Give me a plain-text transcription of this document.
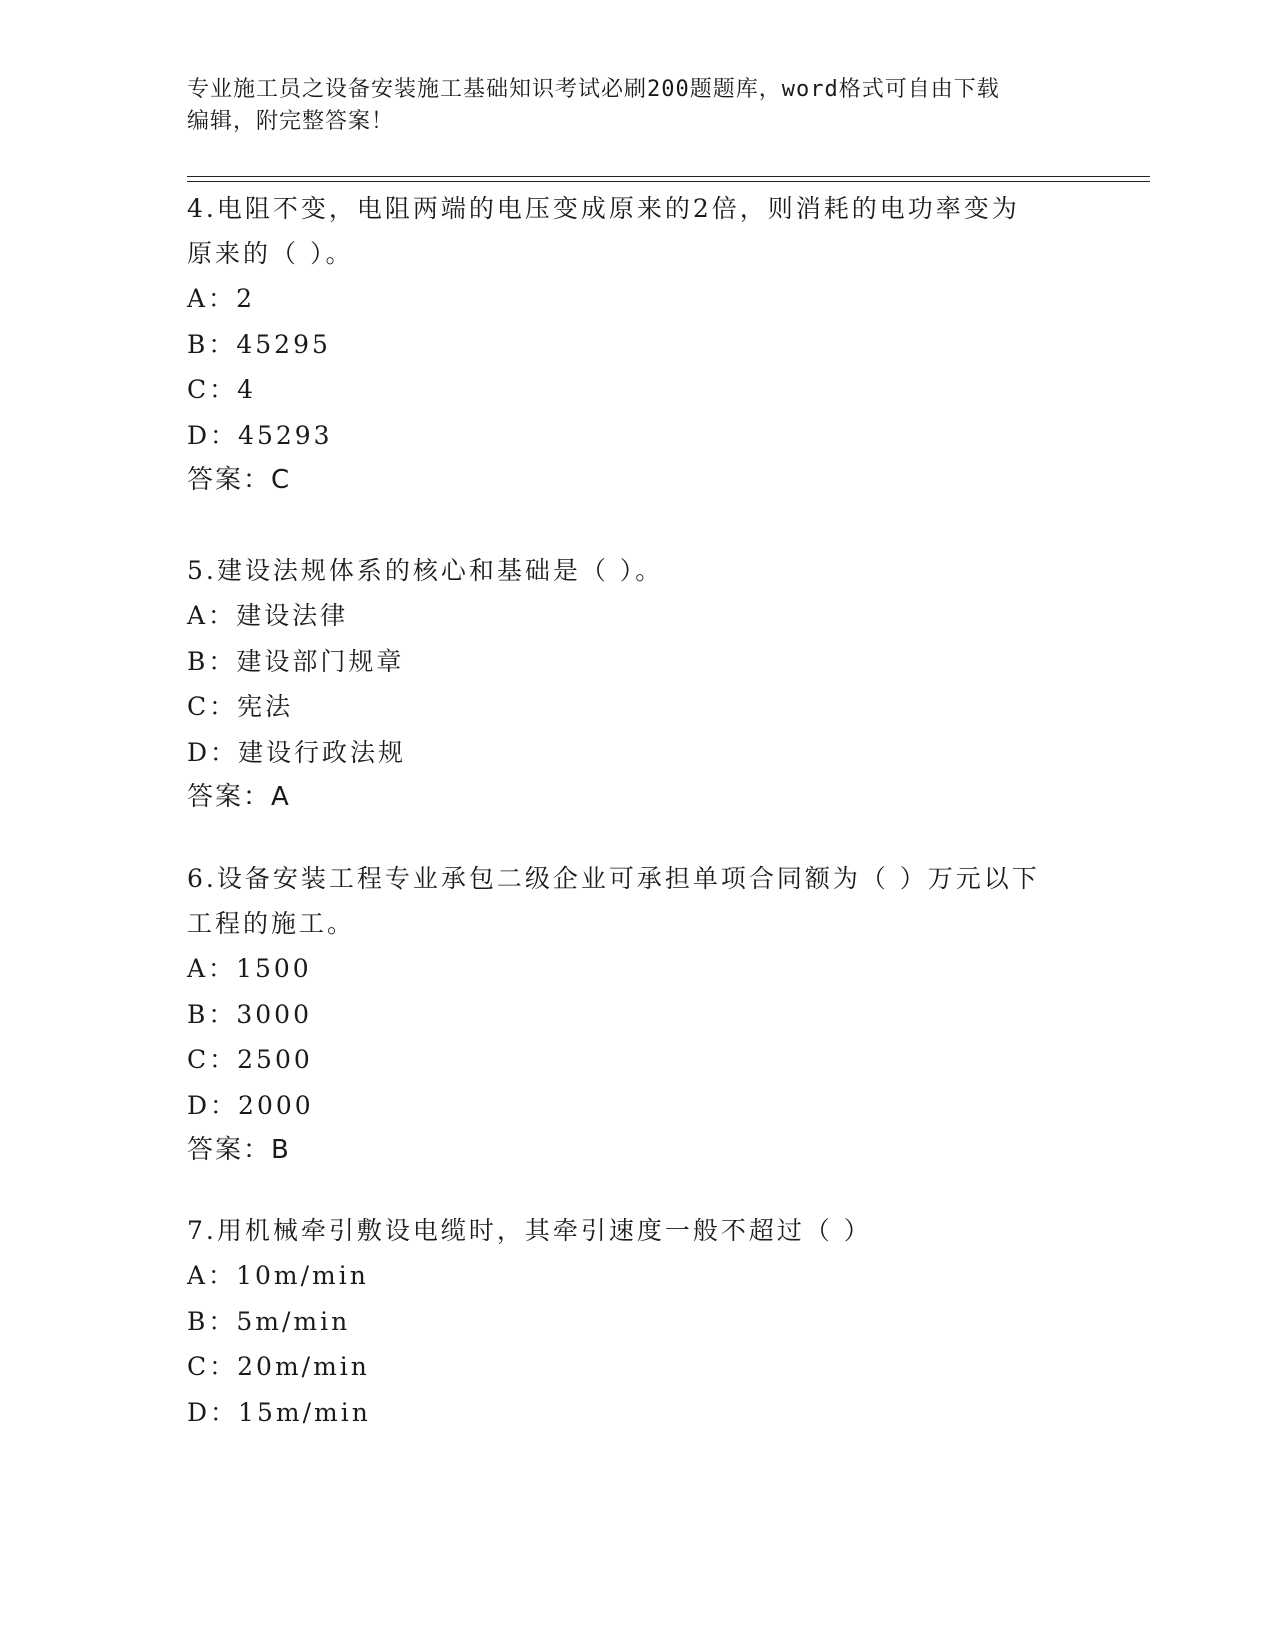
专业施工员之设备安装施工基础知识考试必刷200题题库，word格式可自由下载
编辑，附完整答案！
4.电阻不变，电阻两端的电压变成原来的2倍，则消耗的电功率变为
原来的（ ）。
A：2
B：45295
C：4
D：45293
答案：C
5.建设法规体系的核心和基础是（ ）。
A：建设法律
B：建设部门规章
C：宪法
D：建设行政法规
答案：A
6.设备安装工程专业承包二级企业可承担单项合同额为（ ）万元以下
工程的施工。
A：1500
B：3000
C：2500
D：2000
答案：B
7.用机械牵引敷设电缆时，其牵引速度一般不超过（ ）
A：10m/min
B：5m/min
C：20m/min
D：15m/min
